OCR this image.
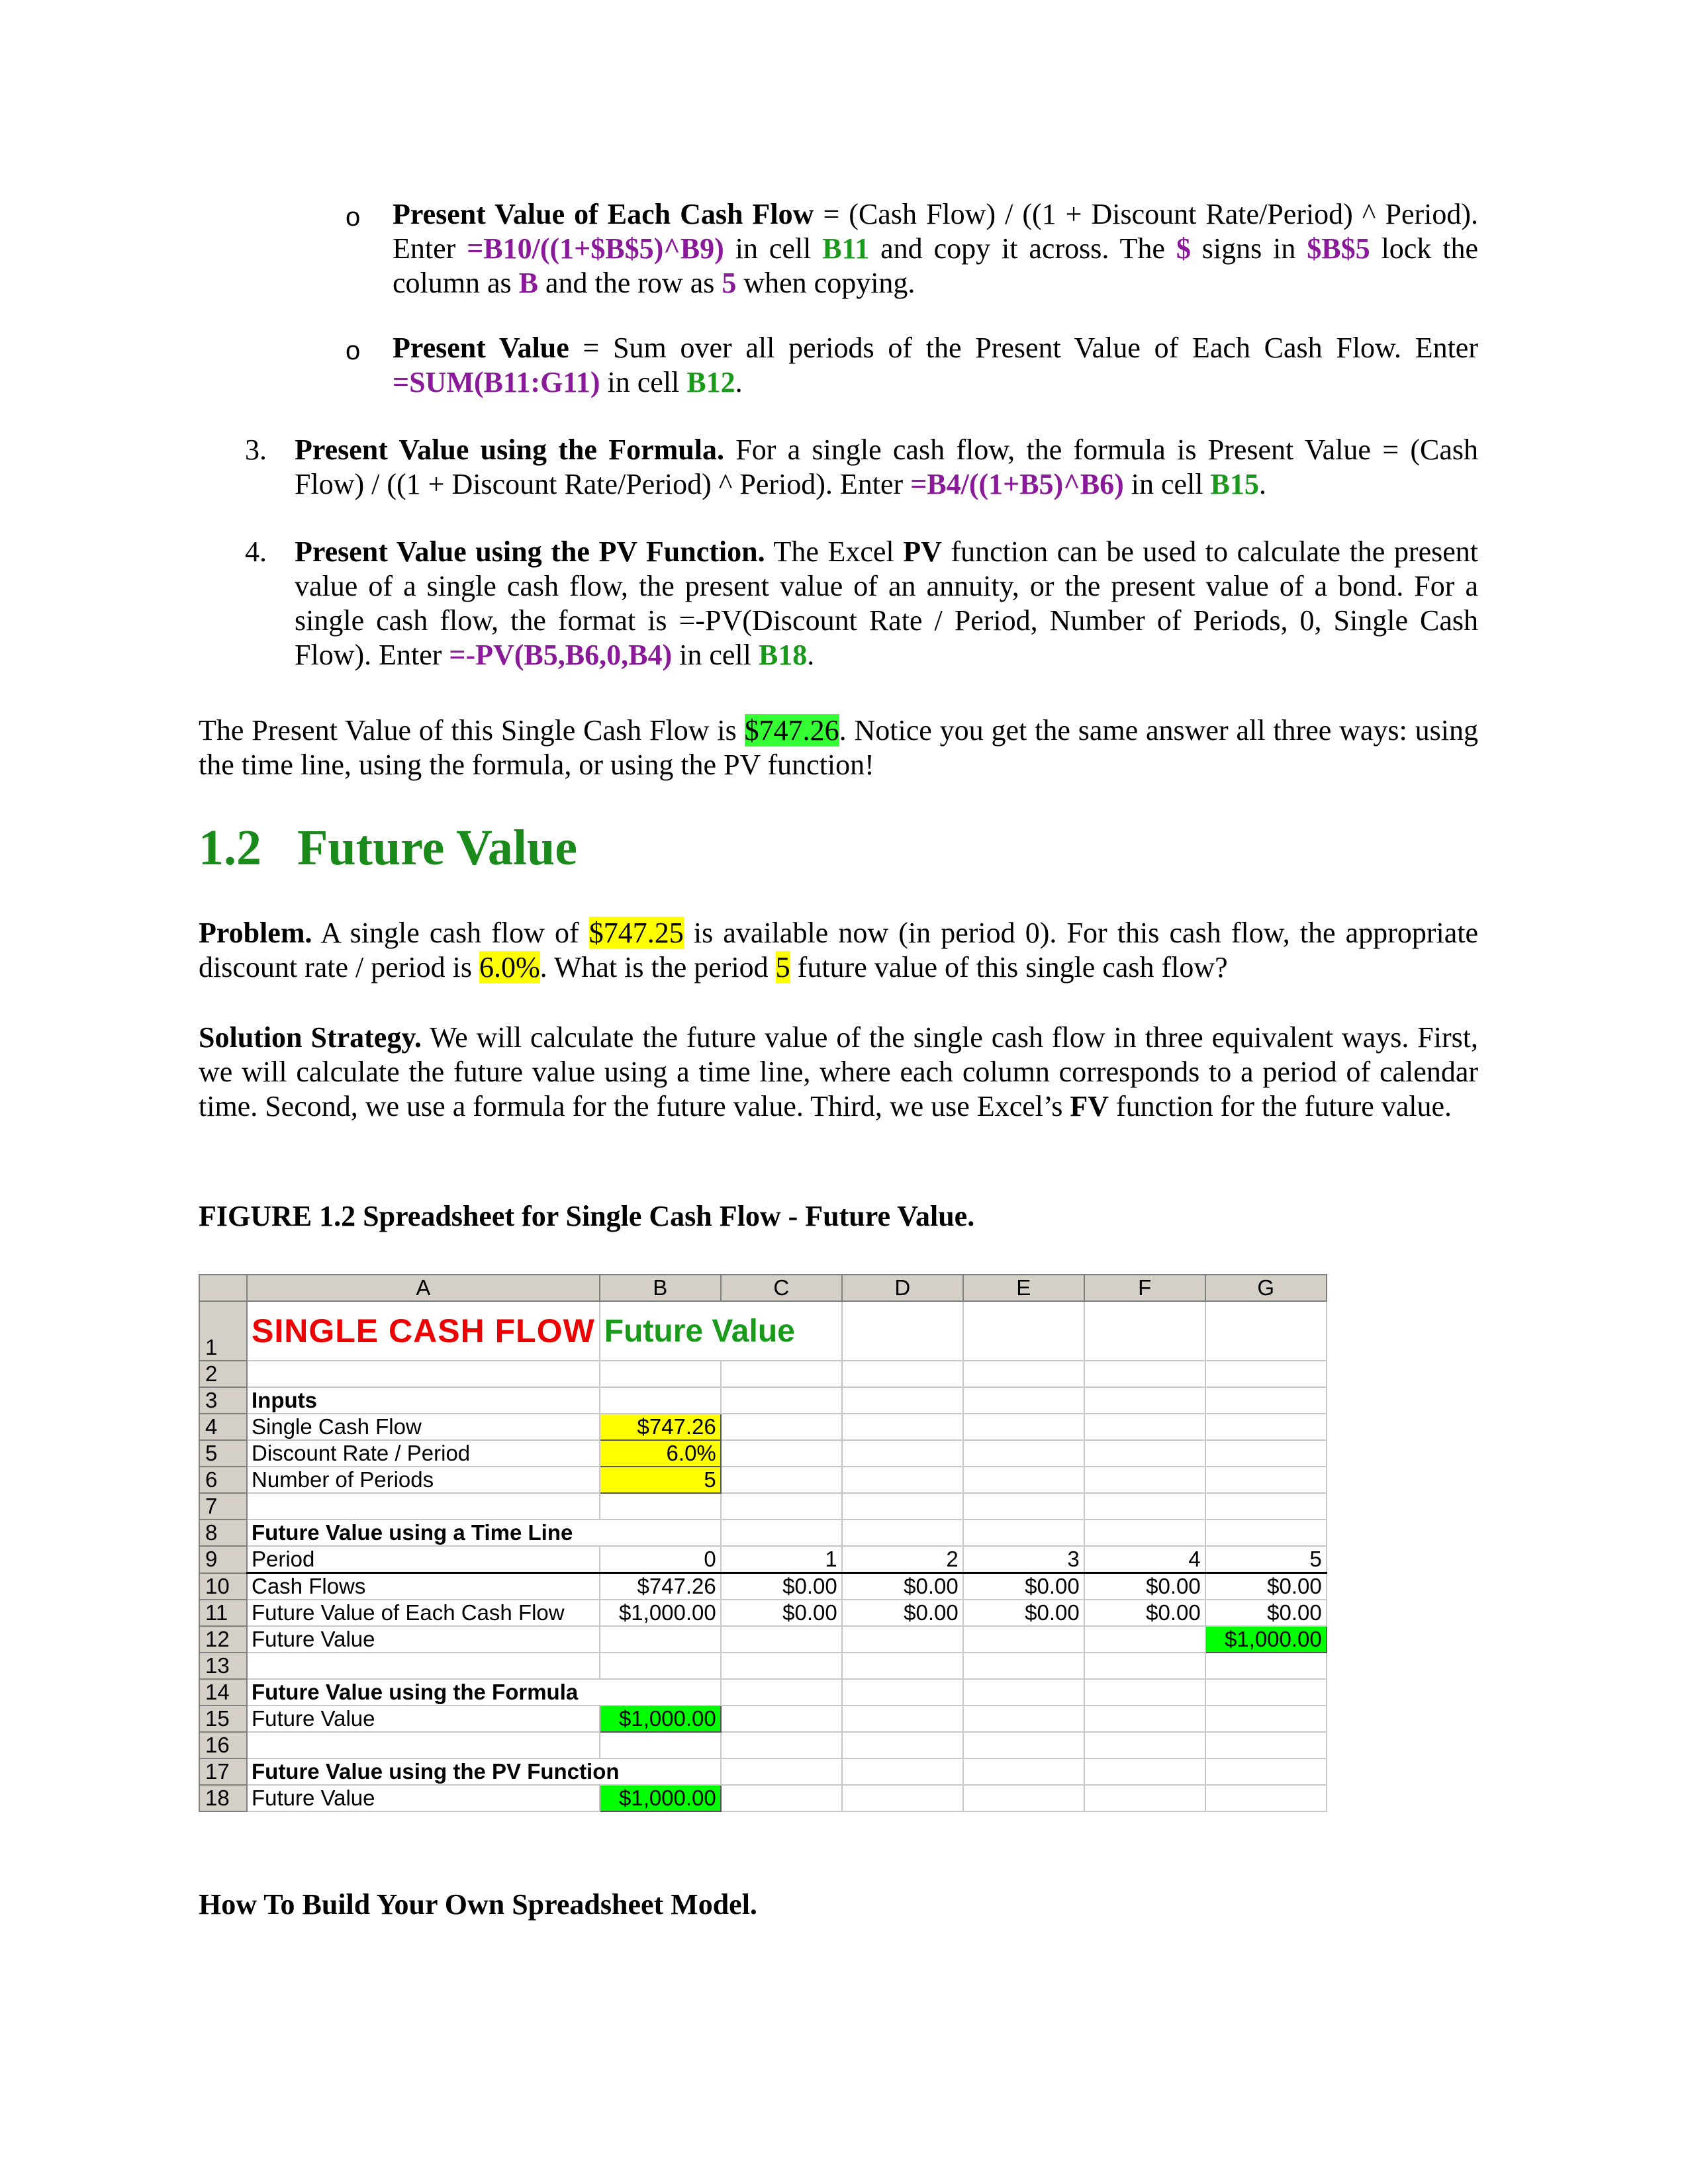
o Present Value of Each Cash Flow = (Cash Flow) / ((1 + Discount Rate/Period) ^ Period). Enter =B10/((1+$B$5)^B9) in cell B11 and copy it across. The $ signs in $B$5 lock the column as B and the row as 5 when copying.
o Present Value = Sum over all periods of the Present Value of Each Cash Flow. Enter =SUM(B11:G11) in cell B12.
3. Present Value using the Formula. For a single cash flow, the formula is Present Value = (Cash Flow) / ((1 + Discount Rate/Period) ^ Period). Enter =B4/((1+B5)^B6) in cell B15.
4. Present Value using the PV Function. The Excel PV function can be used to calculate the present value of a single cash flow, the present value of an annuity, or the present value of a bond. For a single cash flow, the format is =-PV(Discount Rate / Period, Number of Periods, 0, Single Cash Flow). Enter =-PV(B5,B6,0,B4) in cell B18.
The Present Value of this Single Cash Flow is $747.26. Notice you get the same answer all three ways: using the time line, using the formula, or using the PV function!
1.2 Future Value
Problem. A single cash flow of $747.25 is available now (in period 0). For this cash flow, the appropriate discount rate / period is 6.0%. What is the period 5 future value of this single cash flow?
Solution Strategy. We will calculate the future value of the single cash flow in three equivalent ways. First, we will calculate the future value using a time line, where each column corresponds to a period of calendar time. Second, we use a formula for the future value. Third, we use Excel’s FV function for the future value.
FIGURE 1.2 Spreadsheet for Single Cash Flow - Future Value.
	A	B	C	D	E	F	G
1	SINGLE CASH FLOW	Future Value					
2							
3	Inputs						
4	Single Cash Flow	$747.26					
5	Discount Rate / Period	6.0%					
6	Number of Periods	5					
7							
8	Future Value using a Time Line						
9	Period	0	1	2	3	4	5
10	Cash Flows	$747.26	$0.00	$0.00	$0.00	$0.00	$0.00
11	Future Value of Each Cash Flow	$1,000.00	$0.00	$0.00	$0.00	$0.00	$0.00
12	Future Value						$1,000.00
13							
14	Future Value using the Formula						
15	Future Value	$1,000.00					
16							
17	Future Value using the PV Function						
18	Future Value	$1,000.00					
How To Build Your Own Spreadsheet Model.
